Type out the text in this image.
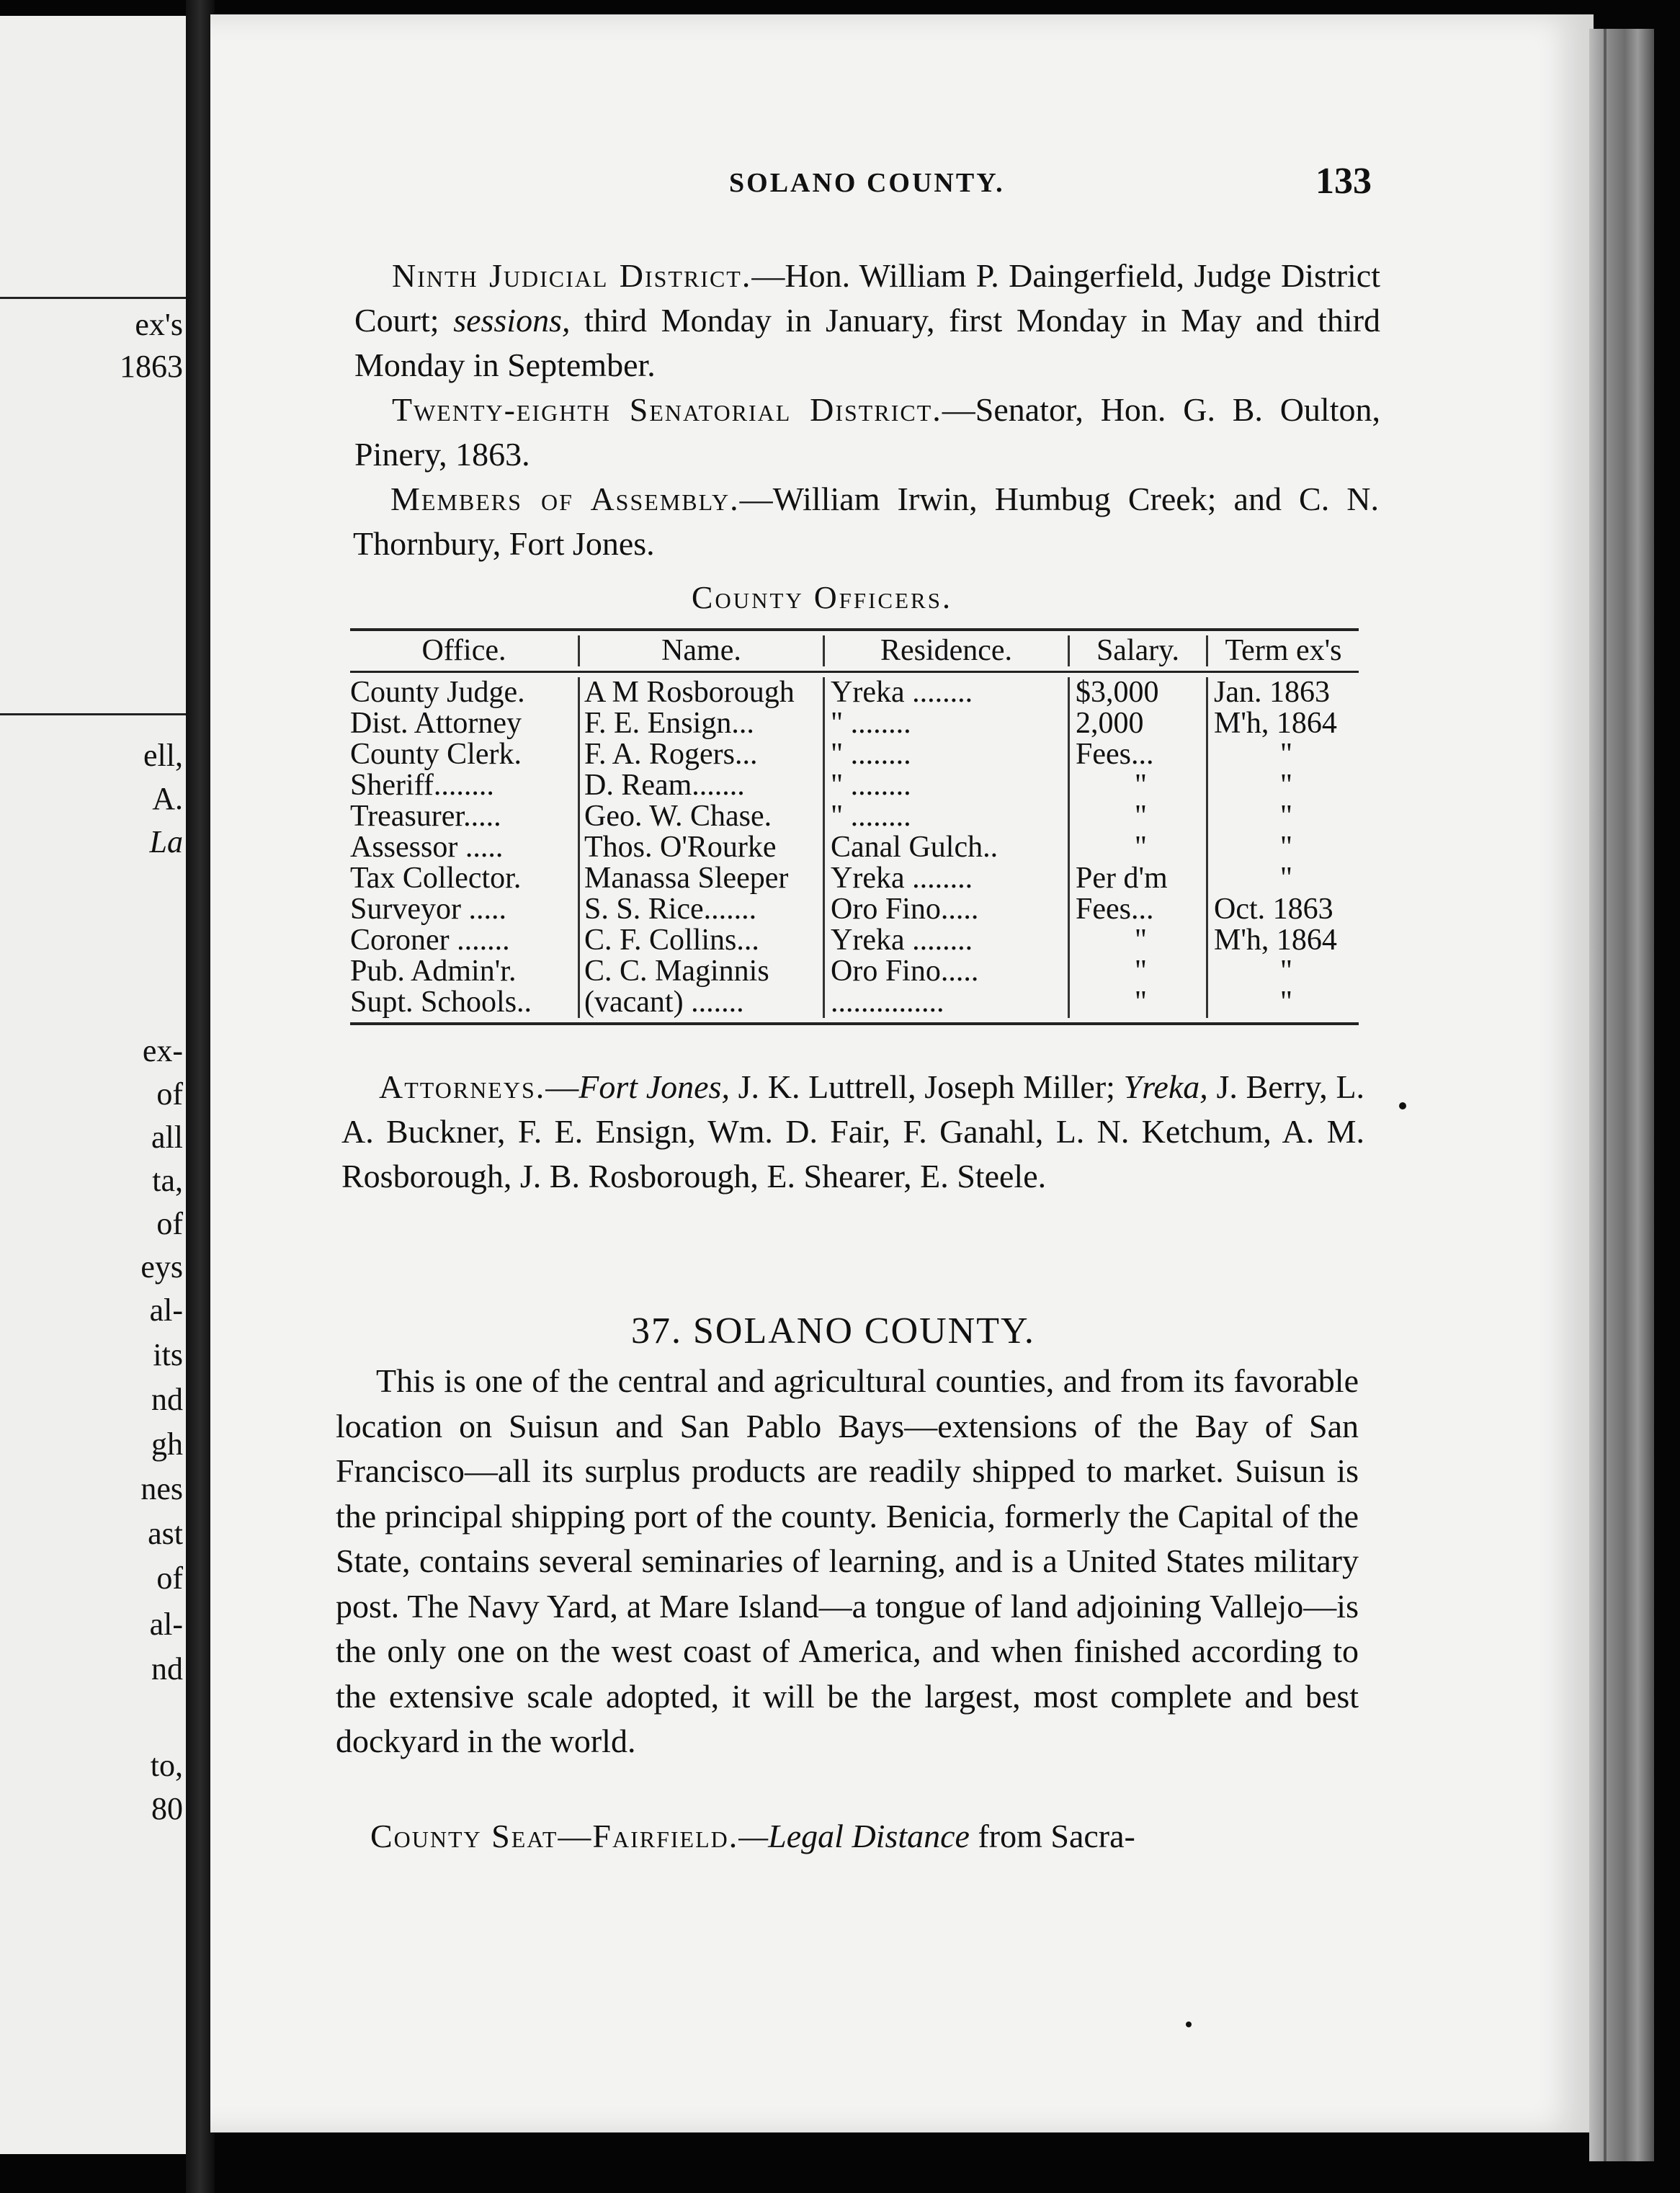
ex's
1863
ell,
A.
La
ex-
of
all
ta,
of
eys
al-
its
nd
gh
nes
ast
of
al-
nd
to,
80
SOLANO COUNTY.	133
Ninth Judicial District.—Hon. William P. Daingerfield, Judge District Court; sessions, third Monday in January, first Monday in May and third Monday in September.
Twenty-eighth Senatorial District.—Senator, Hon. G. B. Oulton, Pinery, 1863.
Members of Assembly.—William Irwin, Humbug Creek; and C. N. Thornbury, Fort Jones.
County Officers.
Office.	Name.	Residence.	Salary.	Term ex's
County Judge.	A M Rosborough	Yreka ........	$3,000	Jan. 1863
Dist. Attorney	F. E. Ensign...	" ........	2,000	M'h, 1864
County Clerk.	F. A. Rogers...	" ........	Fees...	"
Sheriff........	D. Ream.......	" ........	"	"
Treasurer.....	Geo. W. Chase.	" ........	"	"
Assessor .....	Thos. O'Rourke	Canal Gulch..	"	"
Tax Collector.	Manassa Sleeper	Yreka ........	Per d'm	"
Surveyor .....	S. S. Rice.......	Oro Fino.....	Fees...	Oct. 1863
Coroner .......	C. F. Collins...	Yreka ........	"	M'h, 1864
Pub. Admin'r.	C. C. Maginnis	Oro Fino.....	"	"
Supt. Schools..	(vacant) .......	...............	"	"
Attorneys.—Fort Jones, J. K. Luttrell, Joseph Miller; Yreka, J. Berry, L. A. Buckner, F. E. Ensign, Wm. D. Fair, F. Ganahl, L. N. Ketchum, A. M. Rosborough, J. B. Rosborough, E. Shearer, E. Steele.
37. SOLANO COUNTY.
This is one of the central and agricultural counties, and from its favorable location on Suisun and San Pablo Bays—extensions of the Bay of San Francisco—all its surplus products are readily shipped to market. Suisun is the principal shipping port of the county. Benicia, formerly the Capital of the State, contains several seminaries of learning, and is a United States military post. The Navy Yard, at Mare Island—a tongue of land adjoining Vallejo—is the only one on the west coast of America, and when finished according to the extensive scale adopted, it will be the largest, most complete and best dockyard in the world.
County Seat—Fairfield.—Legal Distance from Sacra-
